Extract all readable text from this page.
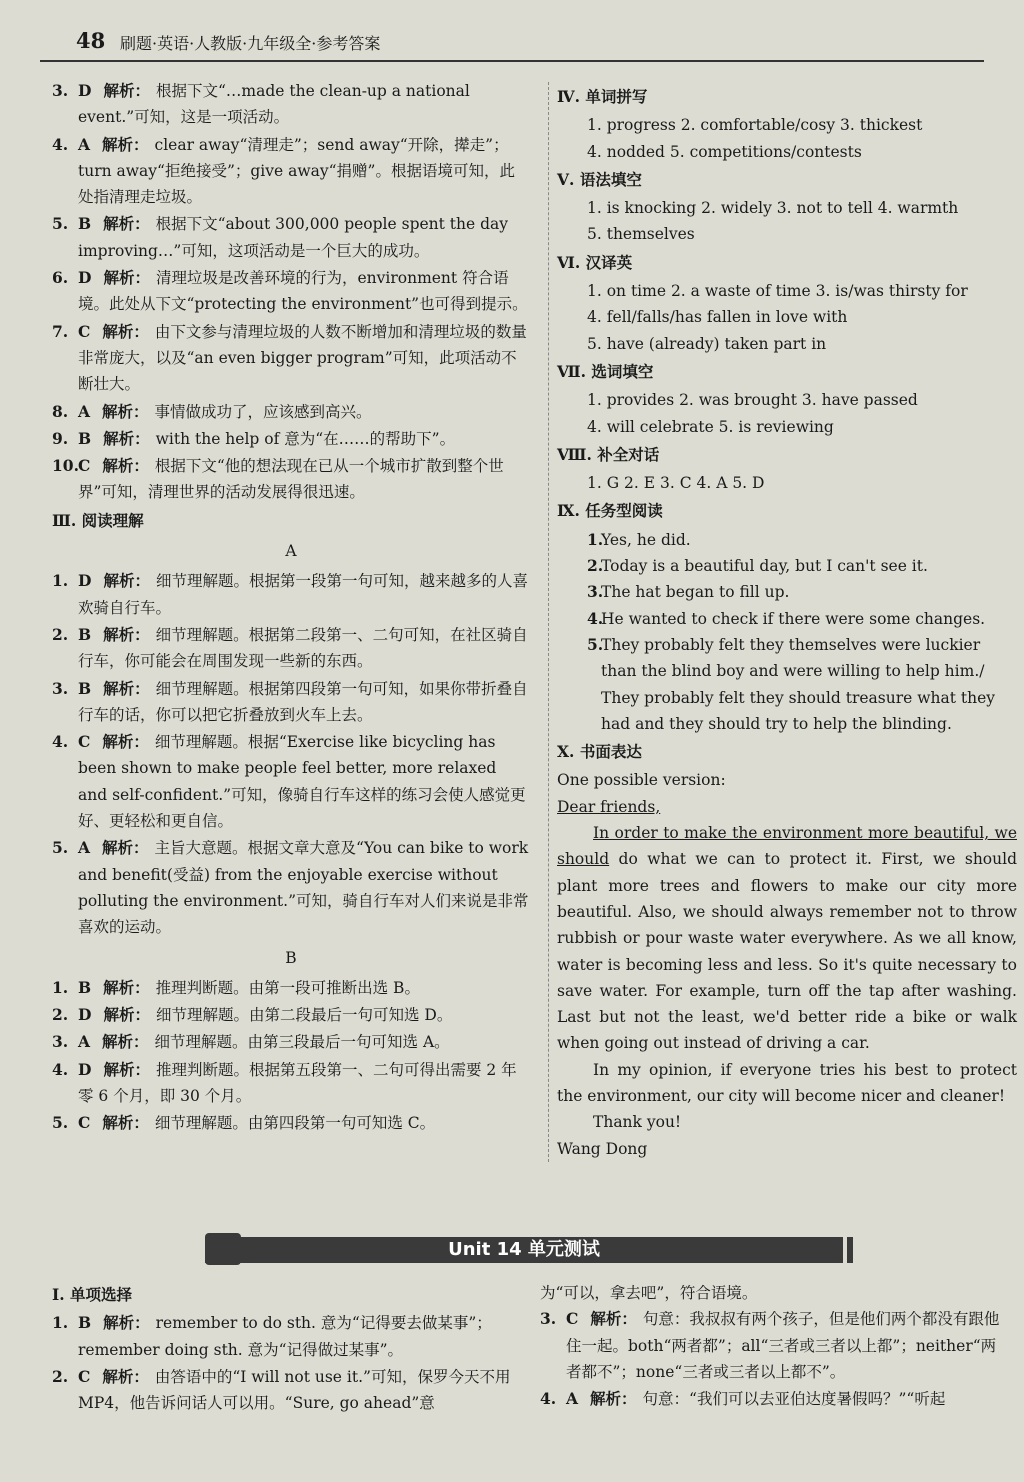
48 刷题·英语·人教版·九年级全·参考答案
3. D 解析： 根据下文“…made the clean-up a national event.”可知，这是一项活动。
4. A 解析： clear away“清理走”；send away“开除，撵走”；turn away“拒绝接受”；give away“捐赠”。根据语境可知，此处指清理走垃圾。
5. B 解析： 根据下文“about 300,000 people spent the day improving…”可知，这项活动是一个巨大的成功。
6. D 解析： 清理垃圾是改善环境的行为，environment 符合语境。此处从下文“protecting the environment”也可得到提示。
7. C 解析： 由下文参与清理垃圾的人数不断增加和清理垃圾的数量非常庞大，以及“an even bigger program”可知，此项活动不断壮大。
8. A 解析： 事情做成功了，应该感到高兴。
9. B 解析： with the help of 意为“在……的帮助下”。
10. C 解析： 根据下文“他的想法现在已从一个城市扩散到整个世界”可知，清理世界的活动发展得很迅速。
Ⅲ. 阅读理解
A
1. D 解析： 细节理解题。根据第一段第一句可知，越来越多的人喜欢骑自行车。
2. B 解析： 细节理解题。根据第二段第一、二句可知，在社区骑自行车，你可能会在周围发现一些新的东西。
3. B 解析： 细节理解题。根据第四段第一句可知，如果你带折叠自行车的话，你可以把它折叠放到火车上去。
4. C 解析： 细节理解题。根据“Exercise like bicycling has been shown to make people feel better, more relaxed and self-confident.”可知，像骑自行车这样的练习会使人感觉更好、更轻松和更自信。
5. A 解析： 主旨大意题。根据文章大意及“You can bike to work and benefit(受益) from the enjoyable exercise without polluting the environment.”可知，骑自行车对人们来说是非常喜欢的运动。
B
1. B 解析： 推理判断题。由第一段可推断出选 B。
2. D 解析： 细节理解题。由第二段最后一句可知选 D。
3. A 解析： 细节理解题。由第三段最后一句可知选 A。
4. D 解析： 推理判断题。根据第五段第一、二句可得出需要 2 年零 6 个月，即 30 个月。
5. C 解析： 细节理解题。由第四段第一句可知选 C。
Ⅳ. 单词拼写
1. progress 2. comfortable/cosy 3. thickest
4. nodded 5. competitions/contests
Ⅴ. 语法填空
1. is knocking 2. widely 3. not to tell 4. warmth
5. themselves
Ⅵ. 汉译英
1. on time 2. a waste of time 3. is/was thirsty for
4. fell/falls/has fallen in love with
5. have (already) taken part in
Ⅶ. 选词填空
1. provides 2. was brought 3. have passed
4. will celebrate 5. is reviewing
Ⅷ. 补全对话
1. G 2. E 3. C 4. A 5. D
Ⅸ. 任务型阅读
1.
Yes, he did.
2.
Today is a beautiful day, but I can't see it.
3.
The hat began to fill up.
4.
He wanted to check if there were some changes.
5.
They probably felt they themselves were luckier than the blind boy and were willing to help him./ They probably felt they should treasure what they had and they should try to help the blinding.
Ⅹ. 书面表达
One possible version:
Dear friends,

In order to make the environment more beautiful, we should do what we can to protect it. First, we should plant more trees and flowers to make our city more beautiful. Also, we should always remember not to throw rubbish or pour waste water everywhere. As we all know, water is becoming less and less. So it's quite necessary to save water. For example, turn off the tap after washing. Last but not the least, we'd better ride a bike or walk when going out instead of driving a car.

In my opinion, if everyone tries his best to protect the environment, our city will become nicer and cleaner!

Thank you!

Wang Dong
Unit 14 单元测试
Ⅰ. 单项选择
1. B 解析： remember to do sth. 意为“记得要去做某事”；remember doing sth. 意为“记得做过某事”。
2. C 解析： 由答语中的“I will not use it.”可知，保罗今天不用 MP4，他告诉问话人可以用。“Sure, go ahead”意
为“可以，拿去吧”，符合语境。
3. C 解析： 句意：我叔叔有两个孩子，但是他们两个都没有跟他住一起。both“两者都”；all“三者或三者以上都”；neither“两者都不”；none“三者或三者以上都不”。
4. A 解析： 句意：“我们可以去亚伯达度暑假吗？”“听起
